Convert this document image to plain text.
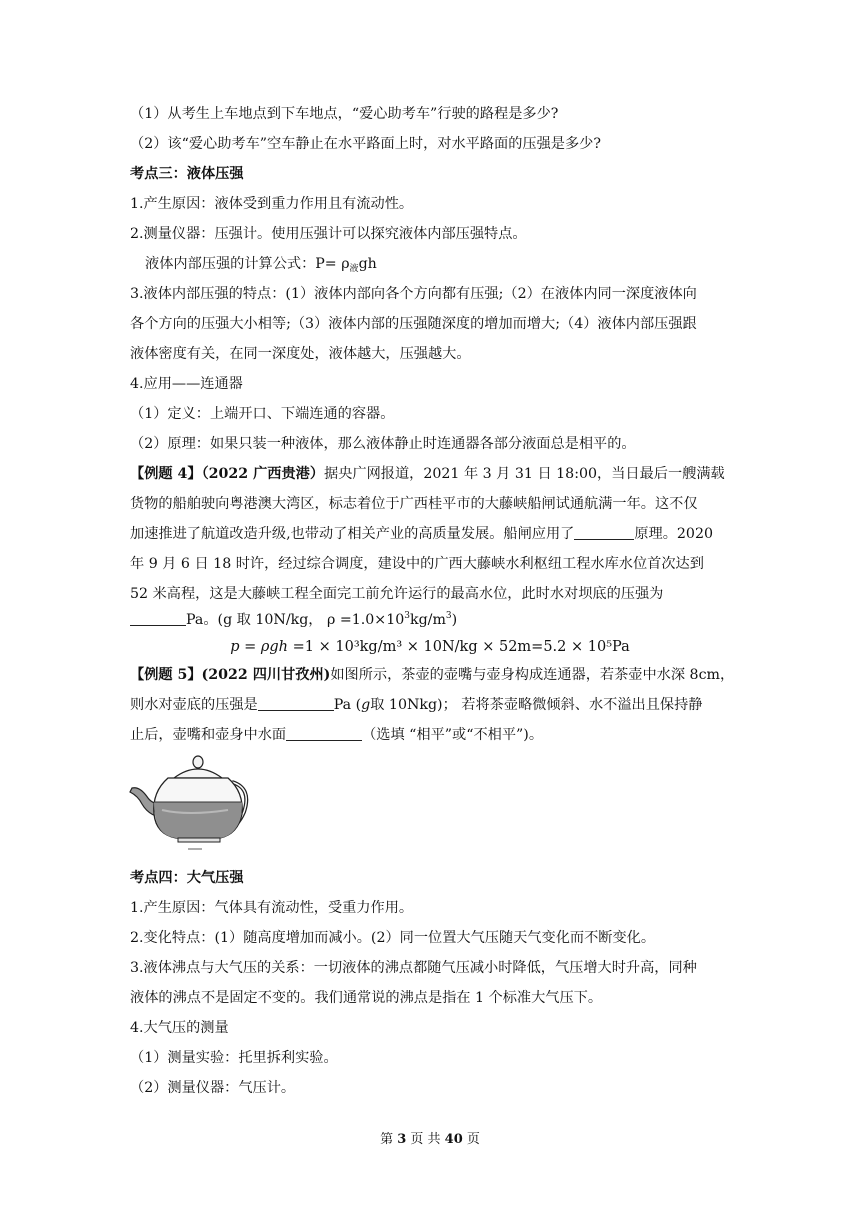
（1）从考生上车地点到下车地点，“爱心助考车”行驶的路程是多少?
（2）该“爱心助考车”空车静止在水平路面上时，对水平路面的压强是多少?
考点三：液体压强
1.产生原因：液体受到重力作用且有流动性。
2.测量仪器：压强计。使用压强计可以探究液体内部压强特点。
液体内部压强的计算公式：$P= \rho_液gh$
3.液体内部压强的特点：(1）液体内部向各个方向都有压强;（2）在液体内同一深度液体向
各个方向的压强大小相等;（3）液体内部的压强随深度的增加而增大;（4）液体内部压强跟
液体密度有关，在同一深度处，液体越大，压强越大。
4.应用——连通器
（1）定义：上端开口、下端连通的容器。
（2）原理：如果只装一种液体，那么液体静止时连通器各部分液面总是相平的。
【例题 4】（2022 广西贵港）据央广网报道，2021 年 3 月 31 日 18:00，当日最后一艘满载
货物的船舶驶向粤港澳大湾区，标志着位于广西桂平市的大藤峡船闸试通航满一年。这不仅
加速推进了航道改造升级,也带动了相关产业的高质量发展。船闸应用了	原理。2020
年 9 月 6 日 18 时许，经过综合调度，建设中的广西大藤峡水利枢纽工程水库水位首次达到
52 米高程，这是大藤峡工程全面完工前允许运行的最高水位，此时水对坝底的压强为
Pa。(g 取 10N/kg， $\rho =1.0\times 10^3kg/m^3$)
p = ρgℎ =1 × 10³kg/m³ × 10N/kg × 52m=5.2 × 10⁵Pa
【例题 5】(2022 四川甘孜州)如图所示，茶壶的壶嘴与壶身构成连通器，若茶壶中水深 8cm，
则水对壶底的压强是	Pa (g取 10Nkg)； 若将茶壶略微倾斜、水不溢出且保持静
止后，壶嘴和壶身中水面	（选填 “相平”或“不相平”)。
考点四：大气压强
1.产生原因：气体具有流动性，受重力作用。
2.变化特点：(1）随高度增加而减小。(2）同一位置大气压随天气变化而不断变化。
3.液体沸点与大气压的关系：一切液体的沸点都随气压减小时降低，气压增大时升高，同种
液体的沸点不是固定不变的。我们通常说的沸点是指在 1 个标准大气压下。
4.大气压的测量
（1）测量实验：托里拆利实验。
（2）测量仪器：气压计。
第 3 页 共 40 页
